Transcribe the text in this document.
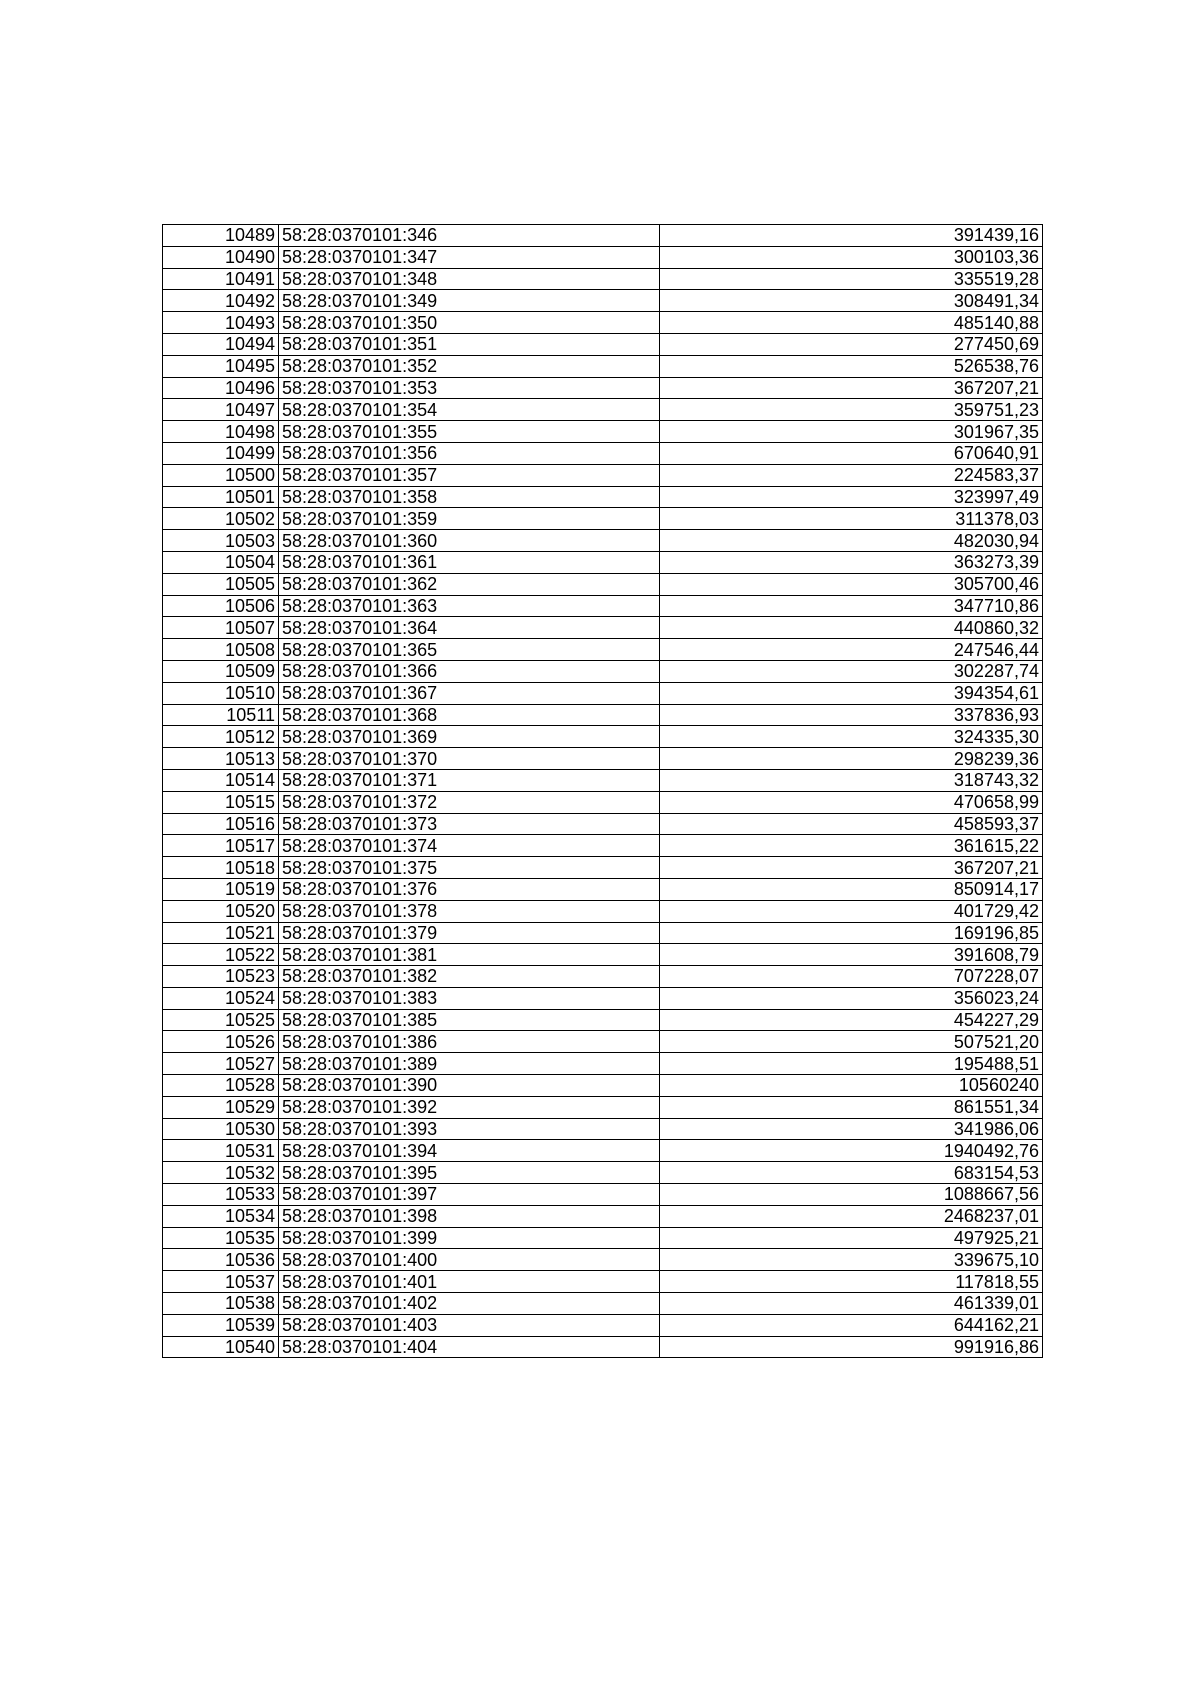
10489	58:28:0370101:346	391439,16
10490	58:28:0370101:347	300103,36
10491	58:28:0370101:348	335519,28
10492	58:28:0370101:349	308491,34
10493	58:28:0370101:350	485140,88
10494	58:28:0370101:351	277450,69
10495	58:28:0370101:352	526538,76
10496	58:28:0370101:353	367207,21
10497	58:28:0370101:354	359751,23
10498	58:28:0370101:355	301967,35
10499	58:28:0370101:356	670640,91
10500	58:28:0370101:357	224583,37
10501	58:28:0370101:358	323997,49
10502	58:28:0370101:359	311378,03
10503	58:28:0370101:360	482030,94
10504	58:28:0370101:361	363273,39
10505	58:28:0370101:362	305700,46
10506	58:28:0370101:363	347710,86
10507	58:28:0370101:364	440860,32
10508	58:28:0370101:365	247546,44
10509	58:28:0370101:366	302287,74
10510	58:28:0370101:367	394354,61
10511	58:28:0370101:368	337836,93
10512	58:28:0370101:369	324335,30
10513	58:28:0370101:370	298239,36
10514	58:28:0370101:371	318743,32
10515	58:28:0370101:372	470658,99
10516	58:28:0370101:373	458593,37
10517	58:28:0370101:374	361615,22
10518	58:28:0370101:375	367207,21
10519	58:28:0370101:376	850914,17
10520	58:28:0370101:378	401729,42
10521	58:28:0370101:379	169196,85
10522	58:28:0370101:381	391608,79
10523	58:28:0370101:382	707228,07
10524	58:28:0370101:383	356023,24
10525	58:28:0370101:385	454227,29
10526	58:28:0370101:386	507521,20
10527	58:28:0370101:389	195488,51
10528	58:28:0370101:390	10560240
10529	58:28:0370101:392	861551,34
10530	58:28:0370101:393	341986,06
10531	58:28:0370101:394	1940492,76
10532	58:28:0370101:395	683154,53
10533	58:28:0370101:397	1088667,56
10534	58:28:0370101:398	2468237,01
10535	58:28:0370101:399	497925,21
10536	58:28:0370101:400	339675,10
10537	58:28:0370101:401	117818,55
10538	58:28:0370101:402	461339,01
10539	58:28:0370101:403	644162,21
10540	58:28:0370101:404	991916,86
